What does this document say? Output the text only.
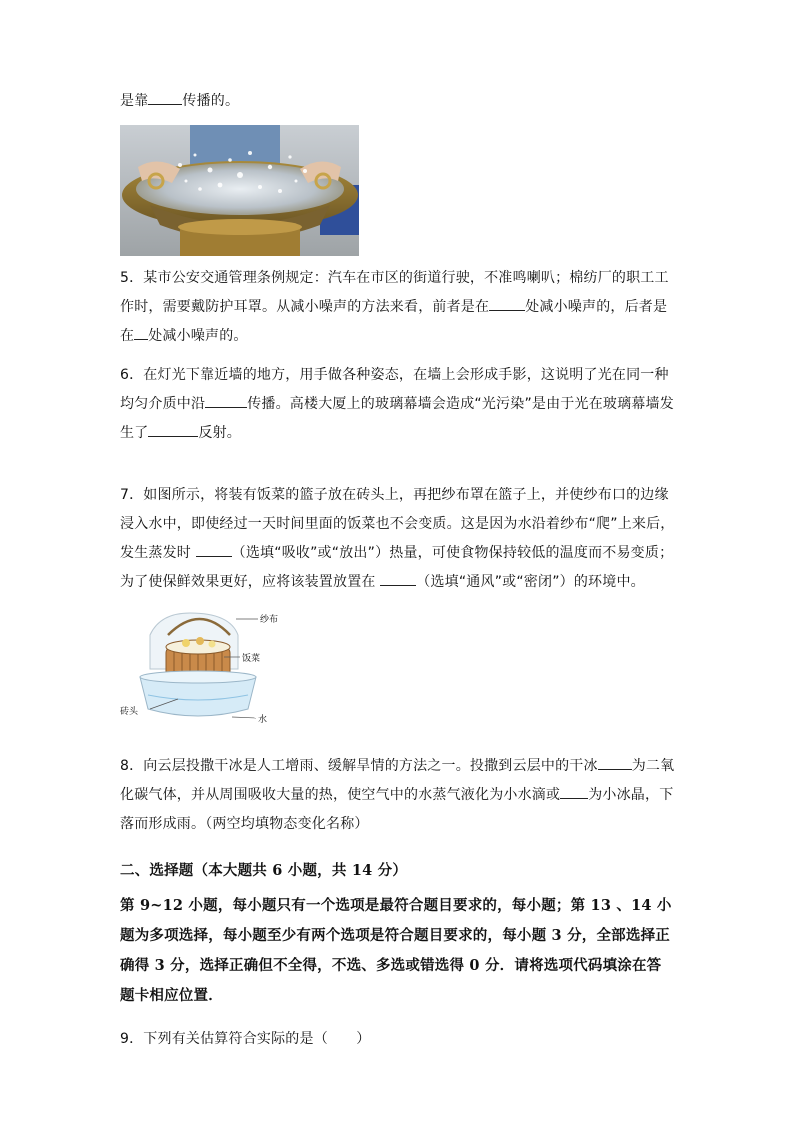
是靠 传播的。

5．某市公安交通管理条例规定：汽车在市区的街道行驶，不准鸣喇叭；棉纺厂的职工工作时，需要戴防护耳罩。从减小噪声的方法来看，前者是在	处减小噪声的，后者是在 处减小噪声的。

6．在灯光下靠近墙的地方，用手做各种姿态，在墙上会形成手影，这说明了光在同一种均匀介质中沿	传播。高楼大厦上的玻璃幕墙会造成“光污染”是由于光在玻璃幕墙发生了	反射。

7．如图所示，将装有饭菜的篮子放在砖头上，再把纱布罩在篮子上，并使纱布口的边缘浸入水中，即使经过一天时间里面的饭菜也不会变质。这是因为水沿着纱布“爬”上来后，发生蒸发时	（选填“吸收”或“放出”）热量，可使食物保持较低的温度而不易变质；为了使保鲜效果更好，应将该装置放置在	（选填“通风”或“密闭”）的环境中。

纱布
饭菜
砖头
水

8．向云层投撒干冰是人工增雨、缓解旱情的方法之一。投撒到云层中的干冰 为二氧化碳气体，并从周围吸收大量的热，使空气中的水蒸气液化为小水滴或 为小冰晶，下落而形成雨。（两空均填物态变化名称）

二、选择题（本大题共 6 小题，共 14 分）

第 9~12 小题，每小题只有一个选项是最符合题目要求的，每小题；第 13 、14 小题为多项选择，每小题至少有两个选项是符合题目要求的，每小题 3 分，全部选择正确得 3 分，选择正确但不全得，不选、多选或错选得 0 分．请将选项代码填涂在答题卡相应位置．

9．下列有关估算符合实际的是（　　）
